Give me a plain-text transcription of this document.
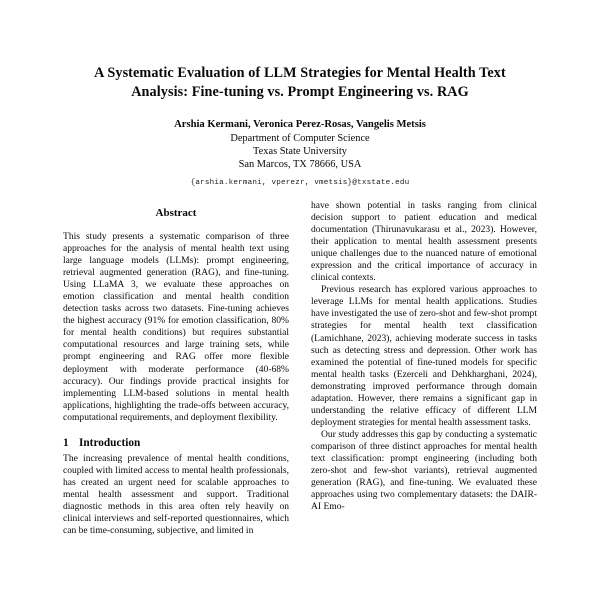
A Systematic Evaluation of LLM Strategies for Mental Health Text
Analysis: Fine-tuning vs. Prompt Engineering vs. RAG
Arshia Kermani, Veronica Perez-Rosas, Vangelis Metsis
Department of Computer Science
Texas State University
San Marcos, TX 78666, USA
{arshia.kermani, vperezr, vmetsis}@txstate.edu
Abstract

This study presents a systematic comparison of three approaches for the analysis of mental health text using large language models (LLMs): prompt engineering, retrieval augmented generation (RAG), and fine-tuning. Using LLaMA 3, we evaluate these approaches on emotion classification and mental health condition detection tasks across two datasets. Fine-tuning achieves the highest accuracy (91% for emotion classification, 80% for mental health conditions) but requires substantial computational resources and large training sets, while prompt engineering and RAG offer more flexible deployment with moderate performance (40-68% accuracy). Our findings provide practical insights for implementing LLM-based solutions in mental health applications, highlighting the trade-offs between accuracy, computational requirements, and deployment flexibility.

1 Introduction

The increasing prevalence of mental health conditions, coupled with limited access to mental health professionals, has created an urgent need for scalable approaches to mental health assessment and support. Traditional diagnostic methods in this area often rely heavily on clinical interviews and self-reported questionnaires, which can be time-consuming, subjective, and limited in

have shown potential in tasks ranging from clinical decision support to patient education and medical documentation (Thirunavukarasu et al., 2023). However, their application to mental health assessment presents unique challenges due to the nuanced nature of emotional expression and the critical importance of accuracy in clinical contexts.

Previous research has explored various approaches to leverage LLMs for mental health applications. Studies have investigated the use of zero-shot and few-shot prompt strategies for mental health text classification (Lamichhane, 2023), achieving moderate success in tasks such as detecting stress and depression. Other work has examined the potential of fine-tuned models for specific mental health tasks (Ezerceli and Dehkharghani, 2024), demonstrating improved performance through domain adaptation. However, there remains a significant gap in understanding the relative efficacy of different LLM deployment strategies for mental health assessment tasks.

Our study addresses this gap by conducting a systematic comparison of three distinct approaches for mental health text classification: prompt engineering (including both zero-shot and few-shot variants), retrieval augmented generation (RAG), and fine-tuning. We evaluated these approaches using two complementary datasets: the DAIR-AI Emo-
